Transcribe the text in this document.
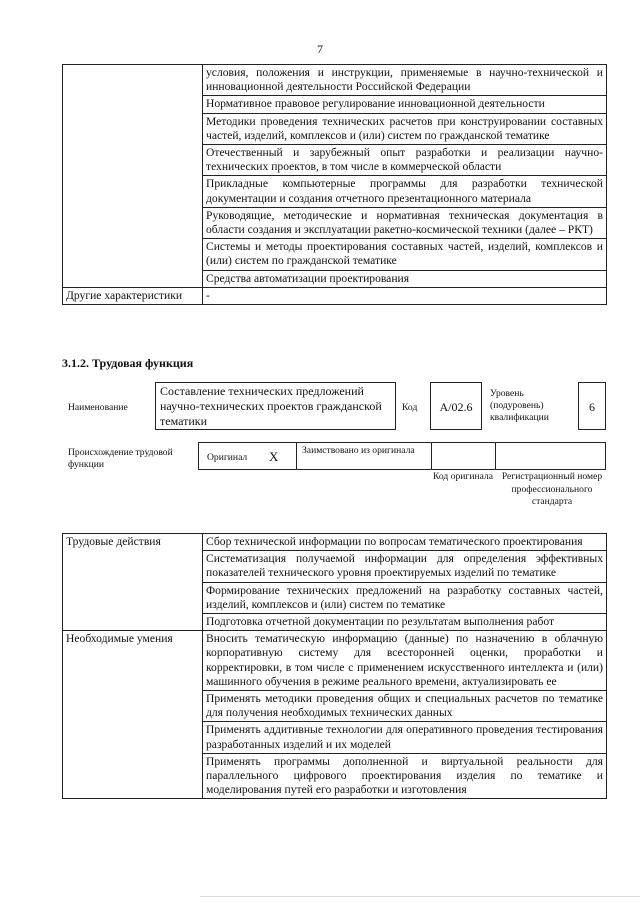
7
	условия, положения и инструкции, применяемые в научно-технической и инновационной деятельности Российской Федерации
	Нормативное правовое регулирование инновационной деятельности
	Методики проведения технических расчетов при конструировании составных частей, изделий, комплексов и (или) систем по гражданской тематике
	Отечественный и зарубежный опыт разработки и реализации научно-технических проектов, в том числе в коммерческой области
	Прикладные компьютерные программы для разработки технической документации и создания отчетного презентационного материала
	Руководящие, методические и нормативная техническая документация в области создания и эксплуатации ракетно-космической техники (далее – РКТ)
	Системы и методы проектирования составных частей, изделий, комплексов и (или) систем по гражданской тематике
	Средства автоматизации проектирования
Другие характеристики	-
3.1.2. Трудовая функция
Наименование
Составление технических предложений научно-технических проектов гражданской тематики
Код	А/02.6
Уровень (подуровень) квалификации
6
Происхождение трудовой функции
Оригинал X Заимствовано из оригинала
Код оригинала Регистрационный номер профессионального стандарта
Трудовые действия	Сбор технической информации по вопросам тематического проектирования
	Систематизация получаемой информации для определения эффективных показателей технического уровня проектируемых изделий по тематике
	Формирование технических предложений на разработку составных частей, изделий, комплексов и (или) систем по тематике
	Подготовка отчетной документации по результатам выполнения работ
Необходимые умения	Вносить тематическую информацию (данные) по назначению в облачную корпоративную систему для всесторонней оценки, проработки и корректировки, в том числе с применением искусственного интеллекта и (или) машинного обучения в режиме реального времени, актуализировать ее
	Применять методики проведения общих и специальных расчетов по тематике для получения необходимых технических данных
	Применять аддитивные технологии для оперативного проведения тестирования разработанных изделий и их моделей
	Применять программы дополненной и виртуальной реальности для параллельного цифрового проектирования изделия по тематике и моделирования путей его разработки и изготовления
